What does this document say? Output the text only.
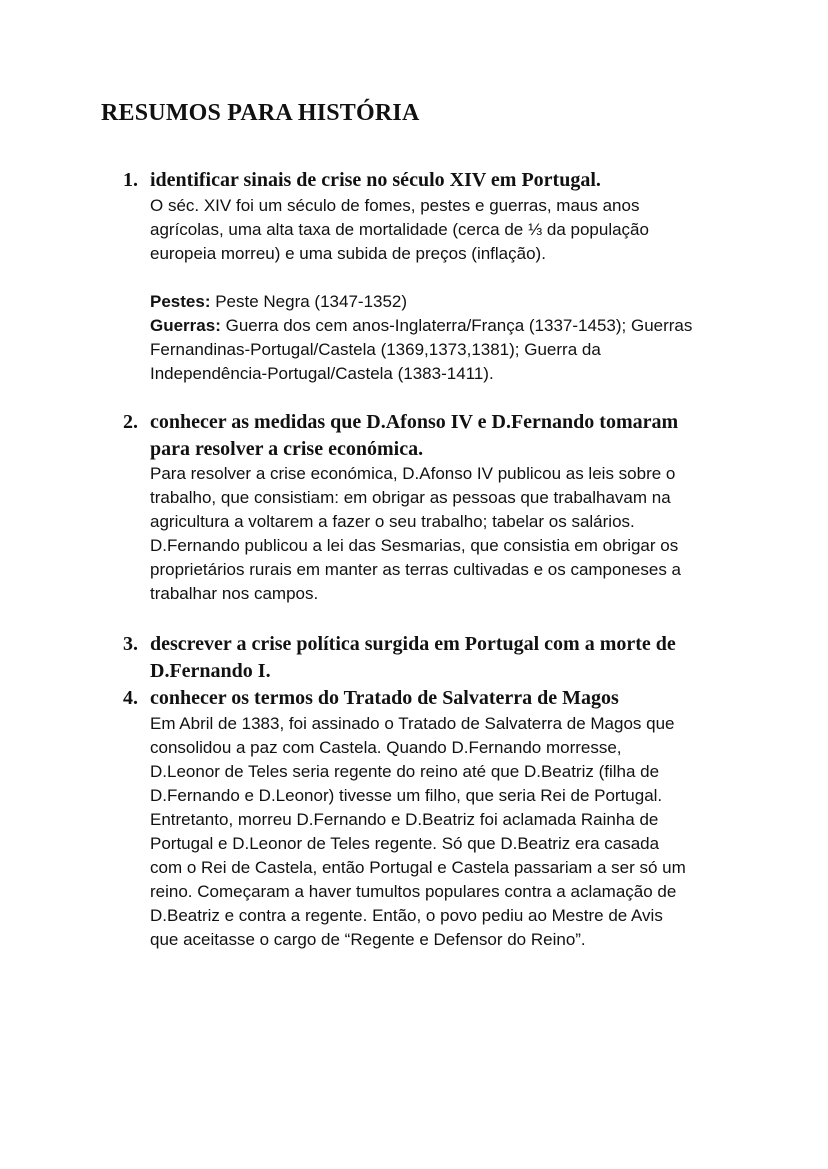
RESUMOS PARA HISTÓRIA
1. identificar sinais de crise no século XIV em Portugal.
O séc. XIV foi um século de fomes, pestes e guerras, maus anos
agrícolas, uma alta taxa de mortalidade (cerca de ⅓ da população
europeia morreu) e uma subida de preços (inflação).
Pestes: Peste Negra (1347-1352)
Guerras: Guerra dos cem anos-Inglaterra/França (1337-1453); Guerras
Fernandinas-Portugal/Castela (1369,1373,1381); Guerra da
Independência-Portugal/Castela (1383-1411).
2. conhecer as medidas que D.Afonso IV e D.Fernando tomaram
para resolver a crise económica.
Para resolver a crise económica, D.Afonso IV publicou as leis sobre o
trabalho, que consistiam: em obrigar as pessoas que trabalhavam na
agricultura a voltarem a fazer o seu trabalho; tabelar os salários.
D.Fernando publicou a lei das Sesmarias, que consistia em obrigar os
proprietários rurais em manter as terras cultivadas e os camponeses a
trabalhar nos campos.
3. descrever a crise política surgida em Portugal com a morte de
D.Fernando I.
4. conhecer os termos do Tratado de Salvaterra de Magos
Em Abril de 1383, foi assinado o Tratado de Salvaterra de Magos que
consolidou a paz com Castela. Quando D.Fernando morresse,
D.Leonor de Teles seria regente do reino até que D.Beatriz (filha de
D.Fernando e D.Leonor) tivesse um filho, que seria Rei de Portugal.
Entretanto, morreu D.Fernando e D.Beatriz foi aclamada Rainha de
Portugal e D.Leonor de Teles regente. Só que D.Beatriz era casada
com o Rei de Castela, então Portugal e Castela passariam a ser só um
reino. Começaram a haver tumultos populares contra a aclamação de
D.Beatriz e contra a regente. Então, o povo pediu ao Mestre de Avis
que aceitasse o cargo de “Regente e Defensor do Reino”.
